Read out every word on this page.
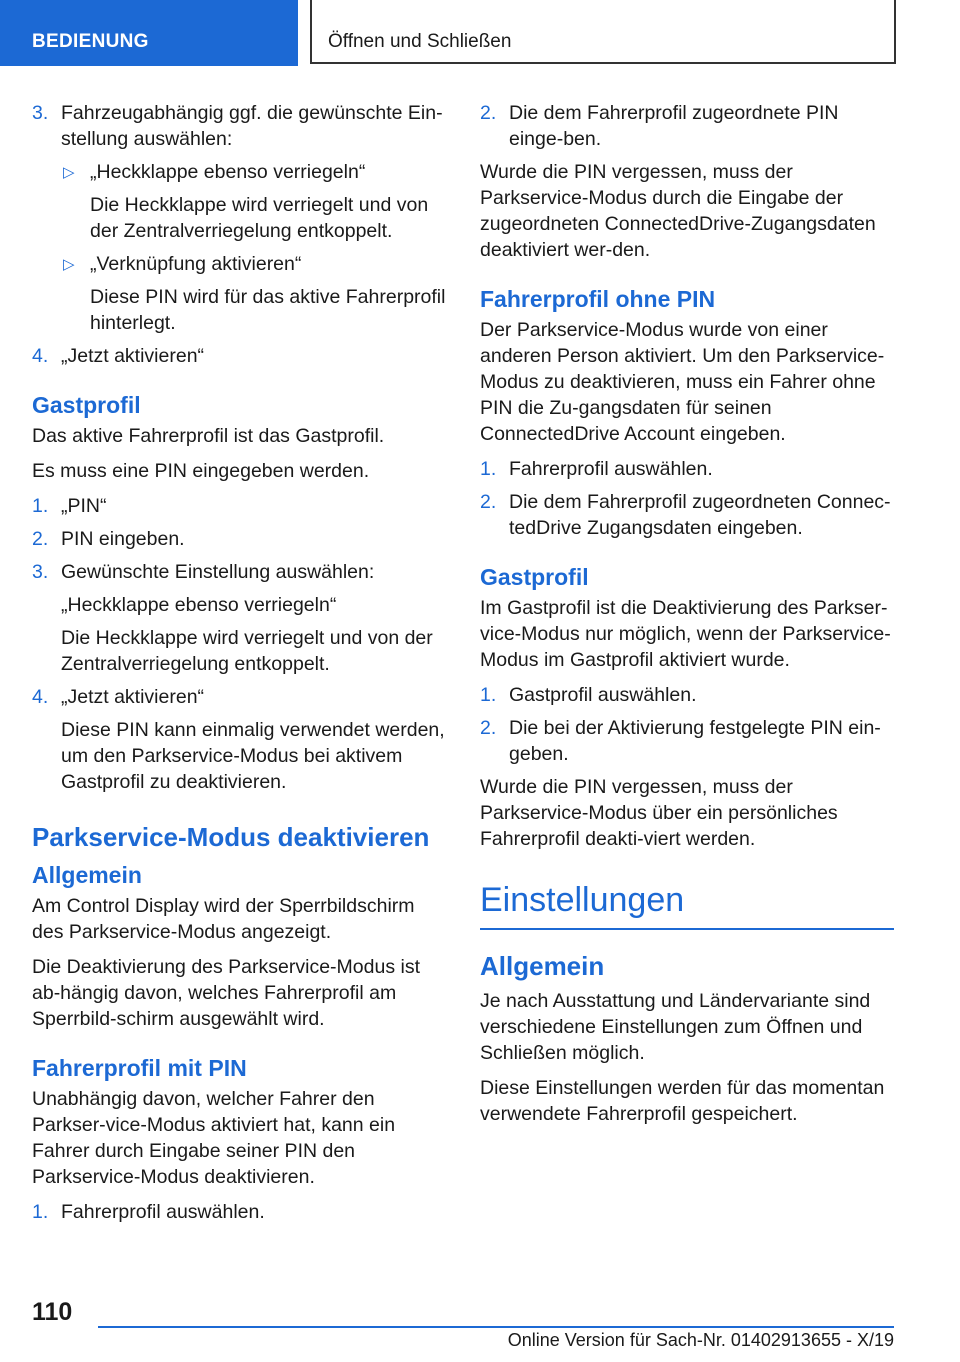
BEDIENUNG	Öffnen und Schließen
3. Fahrzeugabhängig ggf. die gewünschte Ein-stellung auswählen:
▷ „Heckklappe ebenso verriegeln“
Die Heckklappe wird verriegelt und von der Zentralverriegelung entkoppelt.
▷ „Verknüpfung aktivieren“
Diese PIN wird für das aktive Fahrerprofil hinterlegt.
4. „Jetzt aktivieren“
Gastprofil

Das aktive Fahrerprofil ist das Gastprofil.

Es muss eine PIN eingegeben werden.

1. „PIN“
2. PIN eingeben.
3. Gewünschte Einstellung auswählen:
„Heckklappe ebenso verriegeln“
Die Heckklappe wird verriegelt und von der Zentralverriegelung entkoppelt.
4. „Jetzt aktivieren“
Diese PIN kann einmalig verwendet werden, um den Parkservice-Modus bei aktivem Gastprofil zu deaktivieren.
Parkservice-Modus deaktivieren
Allgemein

Am Control Display wird der Sperrbildschirm des Parkservice-Modus angezeigt.

Die Deaktivierung des Parkservice-Modus ist ab-hängig davon, welches Fahrerprofil am Sperrbild-schirm ausgewählt wird.

Fahrerprofil mit PIN

Unabhängig davon, welcher Fahrer den Parkser-vice-Modus aktiviert hat, kann ein Fahrer durch Eingabe seiner PIN den Parkservice-Modus deaktivieren.

1. Fahrerprofil auswählen.
2. Die dem Fahrerprofil zugeordnete PIN einge-ben.

Wurde die PIN vergessen, muss der Parkservice-Modus durch die Eingabe der zugeordneten ConnectedDrive-Zugangsdaten deaktiviert wer-den.

Fahrerprofil ohne PIN

Der Parkservice-Modus wurde von einer anderen Person aktiviert. Um den Parkservice-Modus zu deaktivieren, muss ein Fahrer ohne PIN die Zu-gangsdaten für seinen ConnectedDrive Account eingeben.

1. Fahrerprofil auswählen.
2. Die dem Fahrerprofil zugeordneten Connec-tedDrive Zugangsdaten eingeben.
Gastprofil

Im Gastprofil ist die Deaktivierung des Parkser-vice-Modus nur möglich, wenn der Parkservice-Modus im Gastprofil aktiviert wurde.

1. Gastprofil auswählen.
2. Die bei der Aktivierung festgelegte PIN ein-geben.

Wurde die PIN vergessen, muss der Parkservice-Modus über ein persönliches Fahrerprofil deakti-viert werden.

Einstellungen
Allgemein

Je nach Ausstattung und Ländervariante sind verschiedene Einstellungen zum Öffnen und Schließen möglich.

Diese Einstellungen werden für das momentan verwendete Fahrerprofil gespeichert.

110
Online Version für Sach-Nr. 01402913655 - X/19
